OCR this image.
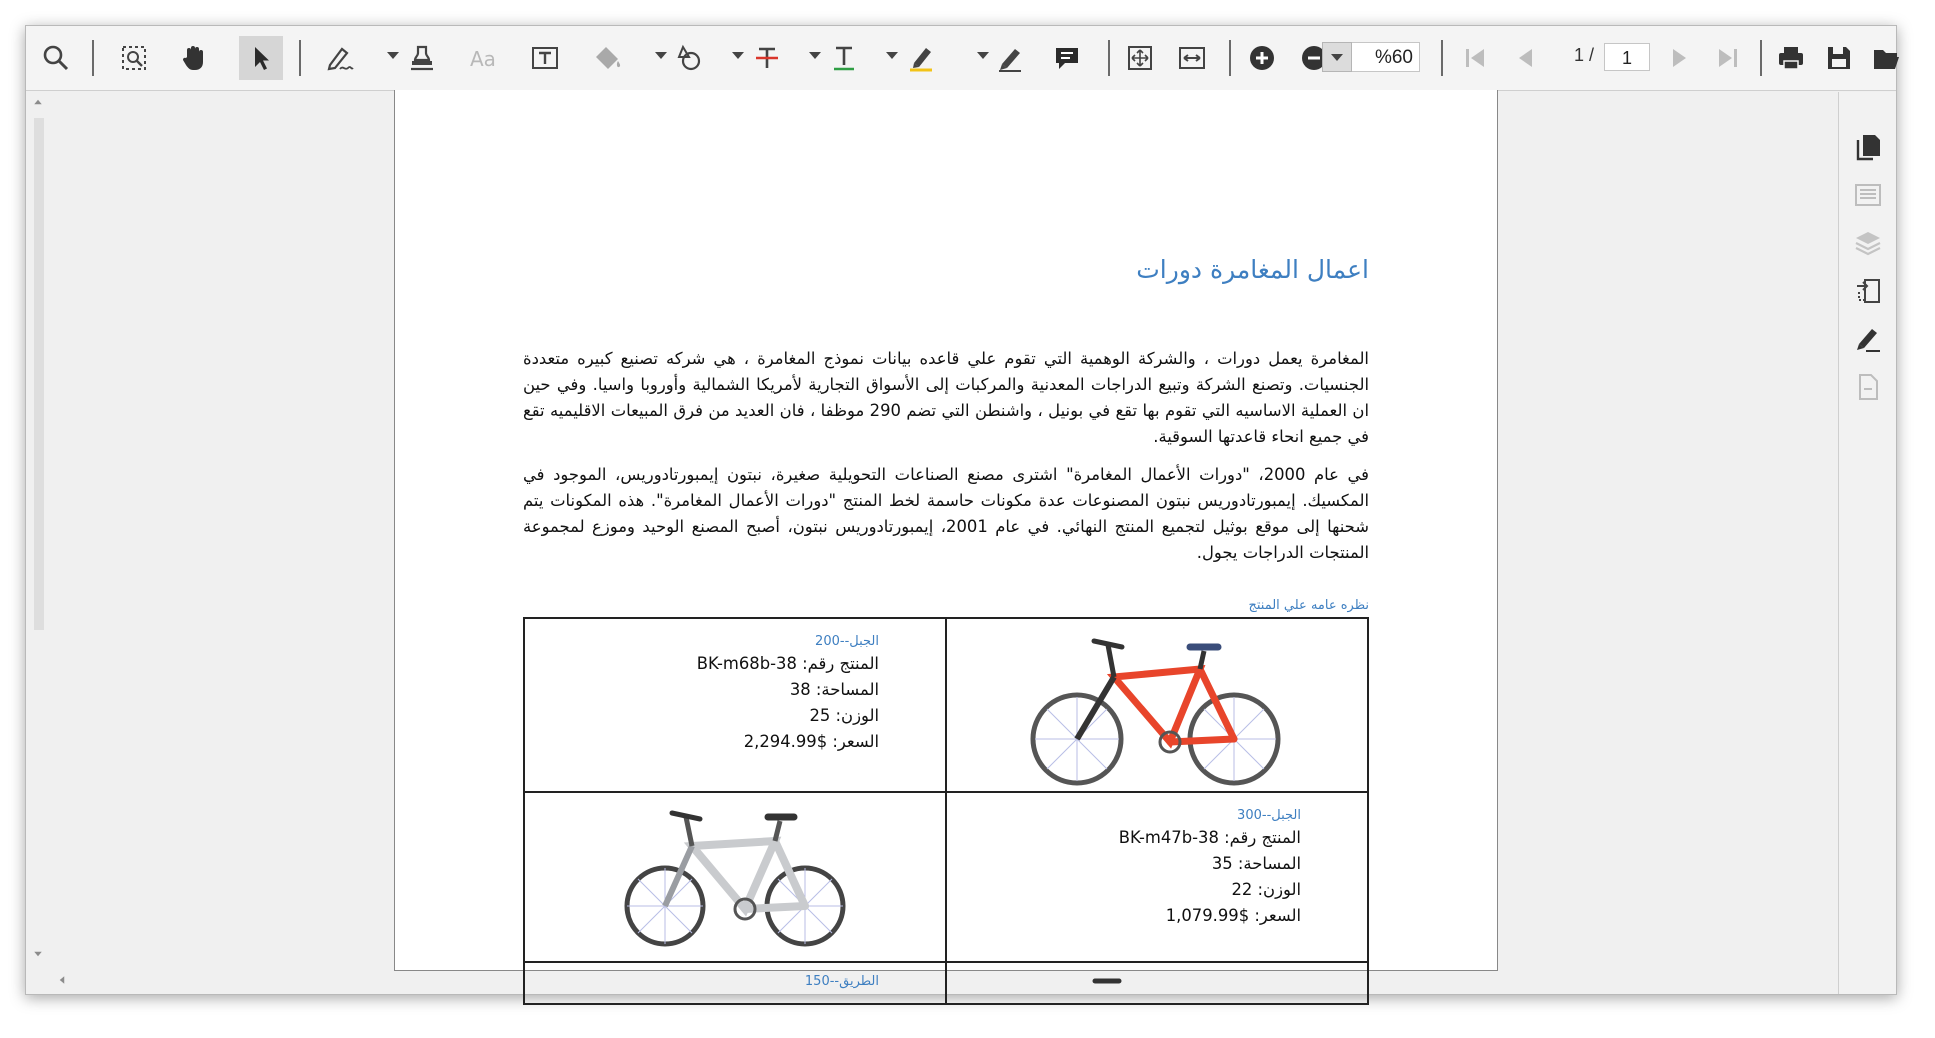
Aa	%60	1 /	1
اعمال المغامرة دورات

المغامرة يعمل دورات ، والشركة الوهمية التي تقوم علي قاعده بيانات نموذج المغامرة ، هي شركه تصنيع كبيره متعددة الجنسيات. وتصنع الشركة وتبيع الدراجات المعدنية والمركبات إلى الأسواق التجارية لأمريكا الشمالية وأوروبا واسيا. وفي حين ان العملية الاساسيه التي تقوم بها تقع في بونيل ، واشنطن التي تضم 290 موظفا ، فان العديد من فرق المبيعات الاقليميه تقع في جميع انحاء قاعدتها السوقية.

في عام 2000، "دورات الأعمال المغامرة" اشترى مصنع الصناعات التحويلية صغيرة، نبتون إيمبورتادوريس، الموجود في المكسيك. إيمبورتادوريس نبتون المصنوعات عدة مكونات حاسمة لخط المنتج "دورات الأعمال المغامرة". هذه المكونات يتم شحنها إلى موقع بوثيل لتجميع المنتج النهائي. في عام 2001، إيمبورتادوريس نبتون، أصبح المصنع الوحيد وموزع لمجموعة المنتجات الدراجات يجول.

نظره عامه علي المنتج
الجبل--200
المنتج رقم: BK-m68b-38
المساحة: 38
الوزن: 25
السعر: $2,294.99

الجبل--300
المنتج رقم: BK-m47b-38
المساحة: 35
الوزن: 22
السعر: $1,079.99

الطريق--150
